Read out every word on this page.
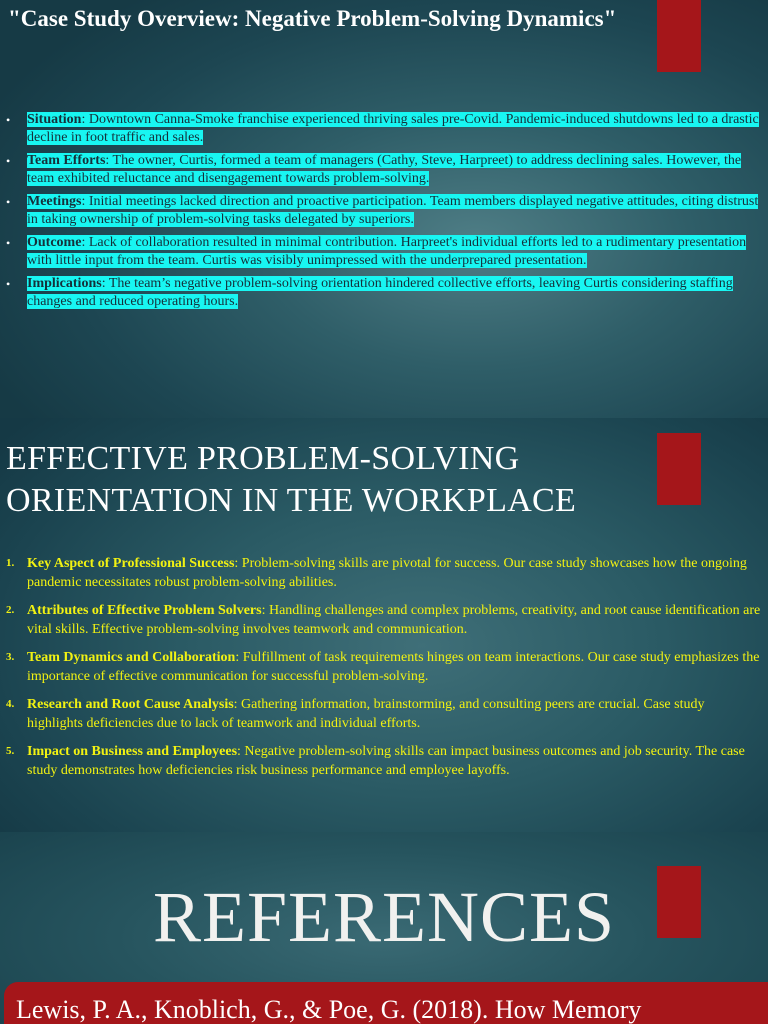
"Case Study Overview: Negative Problem-Solving Dynamics"
• Situation: Downtown Canna-Smoke franchise experienced thriving sales pre-Covid. Pandemic-induced shutdowns led to a drastic decline in foot traffic and sales.
• Team Efforts: The owner, Curtis, formed a team of managers (Cathy, Steve, Harpreet) to address declining sales. However, the team exhibited reluctance and disengagement towards problem-solving.
• Meetings: Initial meetings lacked direction and proactive participation. Team members displayed negative attitudes, citing distrust in taking ownership of problem-solving tasks delegated by superiors.
• Outcome: Lack of collaboration resulted in minimal contribution. Harpreet's individual efforts led to a rudimentary presentation with little input from the team. Curtis was visibly unimpressed with the underprepared presentation.
• Implications: The team’s negative problem-solving orientation hindered collective efforts, leaving Curtis considering staffing changes and reduced operating hours.
EFFECTIVE PROBLEM-SOLVING
ORIENTATION IN THE WORKPLACE
1. Key Aspect of Professional Success: Problem-solving skills are pivotal for success. Our case study showcases how the ongoing pandemic necessitates robust problem-solving abilities.
2. Attributes of Effective Problem Solvers: Handling challenges and complex problems, creativity, and root cause identification are vital skills. Effective problem-solving involves teamwork and communication.
3. Team Dynamics and Collaboration: Fulfillment of task requirements hinges on team interactions. Our case study emphasizes the importance of effective communication for successful problem-solving.
4. Research and Root Cause Analysis: Gathering information, brainstorming, and consulting peers are crucial. Case study highlights deficiencies due to lack of teamwork and individual efforts.
5. Impact on Business and Employees: Negative problem-solving skills can impact business outcomes and job security. The case study demonstrates how deficiencies risk business performance and employee layoffs.
REFERENCES
Lewis, P. A., Knoblich, G., & Poe, G. (2018). How Memory
